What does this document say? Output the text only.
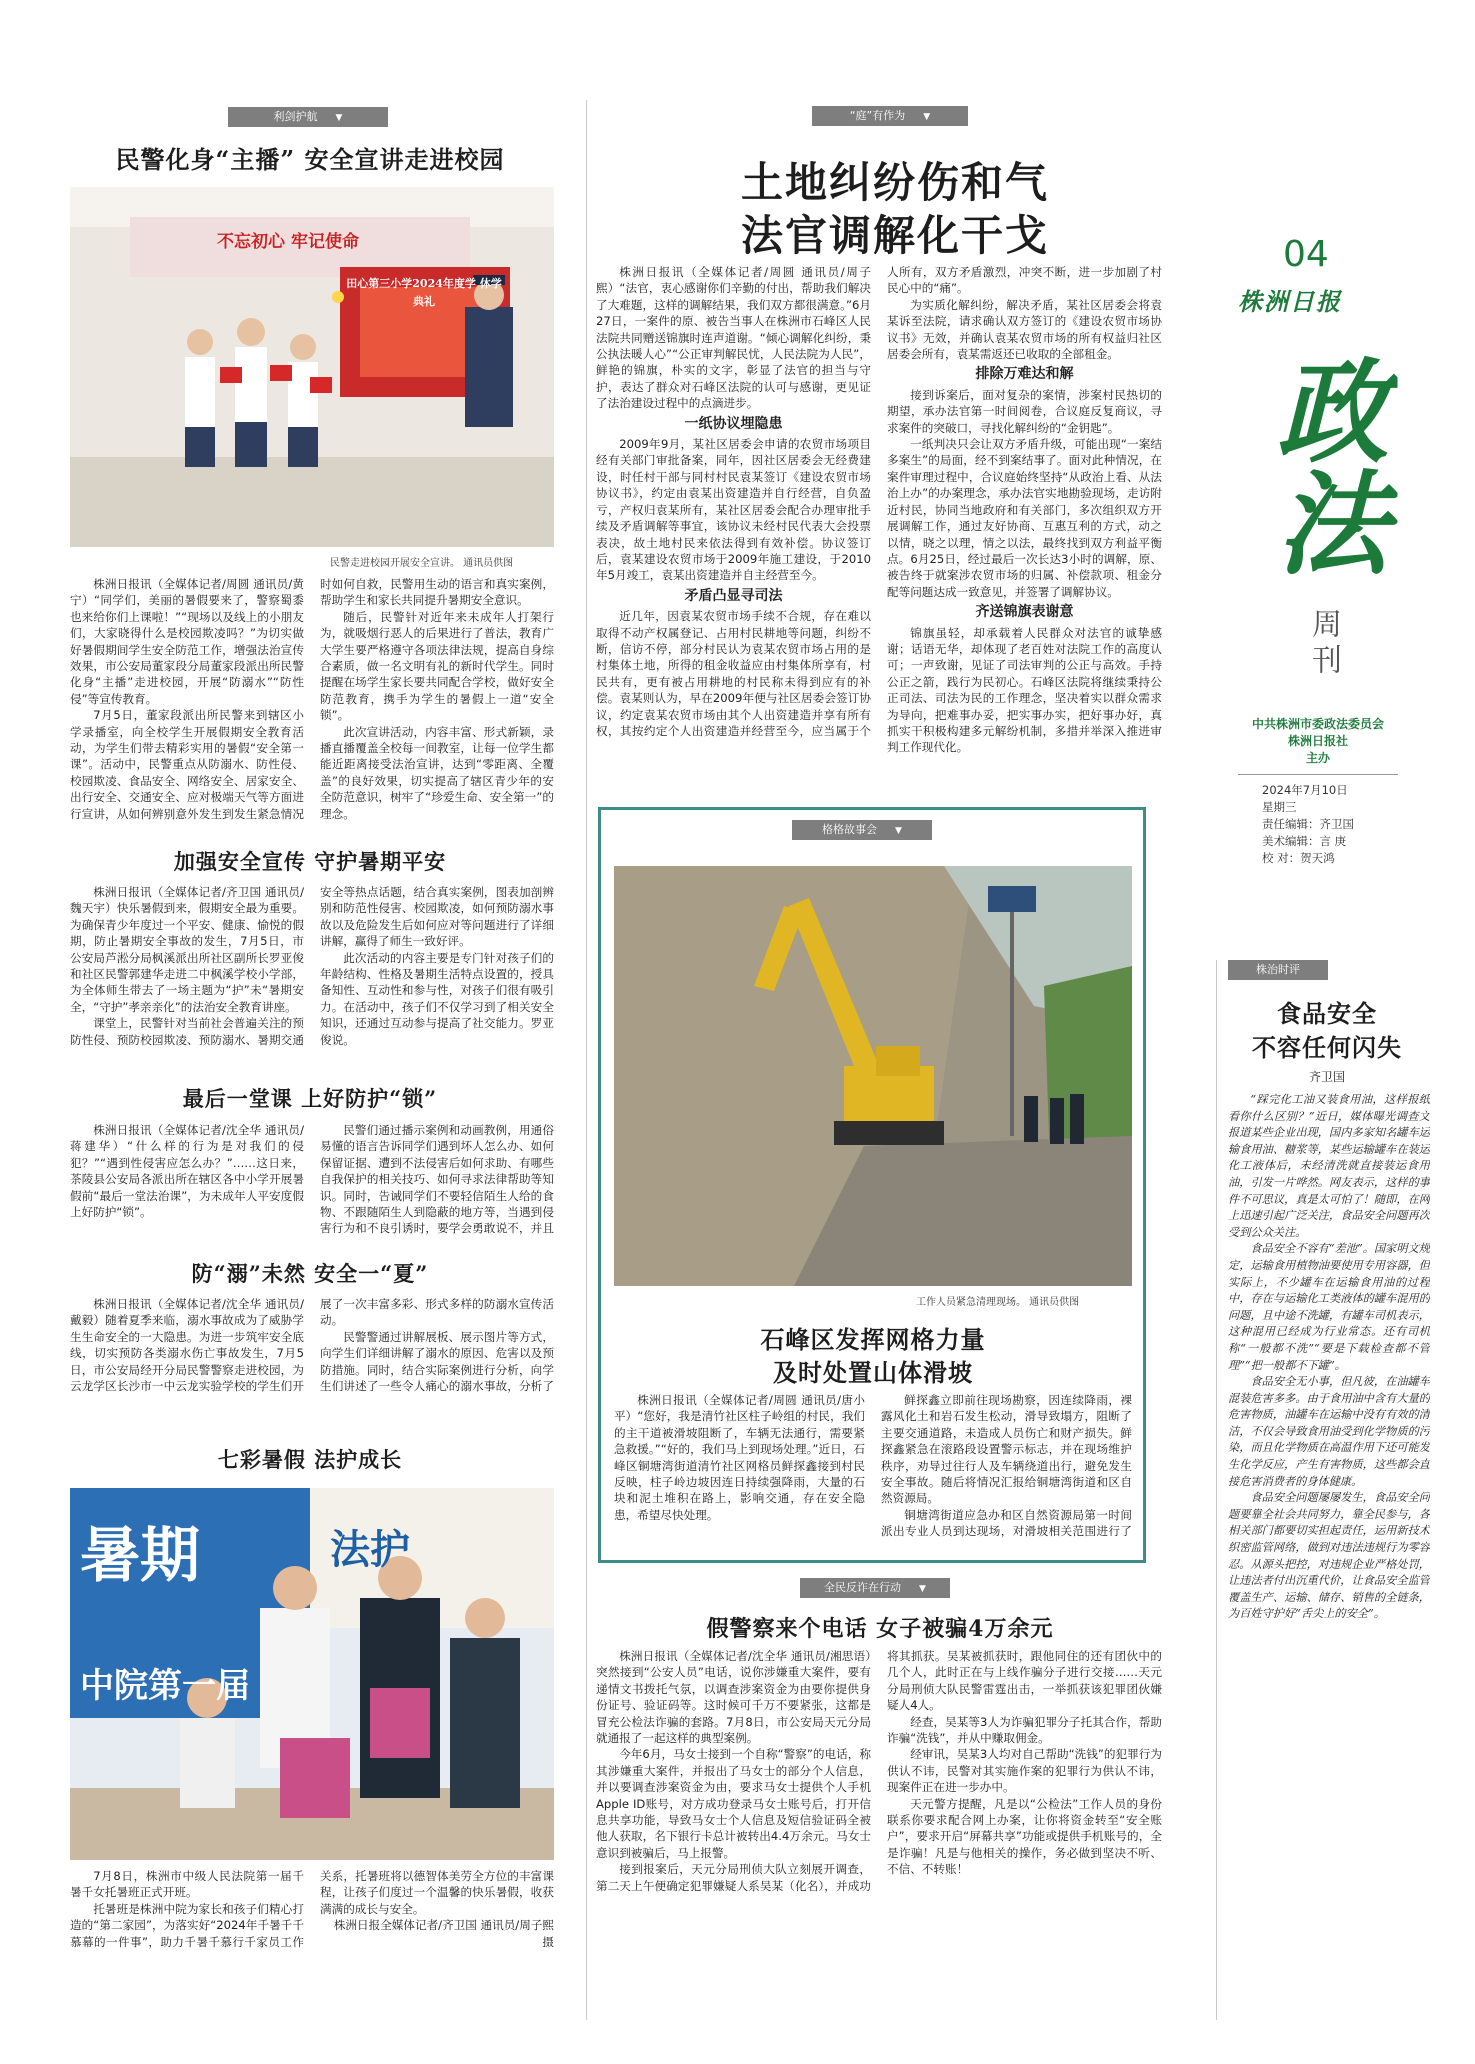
04
株洲日报
政法
周刊
中共株洲市委政法委员会
株洲日报社
主办
2024年7月10日
星期三
责任编辑：齐卫国
美术编辑：言 庚
校 对：贺天鸿
利剑护航 ▼
民警化身“主播” 安全宣讲走进校园
不忘初心 牢记使命
田心第三小学2024年度学 休学典礼
民警走进校园开展安全宣讲。 通讯员供图

株洲日报讯（全媒体记者/周圆 通讯员/黄宁）“同学们，美丽的暑假要来了，警察蜀黍也来给你们上课啦！”“现场以及线上的小朋友们，大家晓得什么是校园欺凌吗？”为切实做好暑假期间学生安全防范工作，增强法治宣传效果，市公安局董家段分局董家段派出所民警化身“主播”走进校园，开展“防溺水”“防性侵”等宣传教育。

7月5日，董家段派出所民警来到辖区小学录播室，向全校学生开展假期安全教育活动，为学生们带去精彩实用的暑假“安全第一课”。活动中，民警重点从防溺水、防性侵、校园欺凌、食品安全、网络安全、居家安全、出行安全、交通安全、应对极端天气等方面进行宣讲，从如何辨别意外发生到发生紧急情况时如何自救，民警用生动的语言和真实案例，帮助学生和家长共同提升暑期安全意识。

随后，民警针对近年来未成年人打架行为，就吸烟行恶人的后果进行了普法，教育广大学生要严格遵守各项法律法规，提高自身综合素质，做一名文明有礼的新时代学生。同时提醒在场学生家长要共同配合学校，做好安全防范教育，携手为学生的暑假上一道“安全锁”。

此次宣讲活动，内容丰富、形式新颖，录播直播覆盖全校每一间教室，让每一位学生都能近距离接受法治宣讲，达到“零距离、全覆盖”的良好效果，切实提高了辖区青少年的安全防范意识，树牢了“珍爱生命、安全第一”的理念。

加强安全宣传 守护暑期平安

株洲日报讯（全媒体记者/齐卫国 通讯员/魏天宇）快乐暑假到来，假期安全最为重要。为确保青少年度过一个平安、健康、愉悦的假期，防止暑期安全事故的发生，7月5日，市公安局芦淞分局枫溪派出所社区副所长罗亚俊和社区民警郭建华走进二中枫溪学校小学部，为全体师生带去了一场主题为“护”未“暑期安全，“守护”孝亲亲化”的法治安全教育讲座。

课堂上，民警针对当前社会普遍关注的预防性侵、预防校园欺凌、预防溺水、暑期交通安全等热点话题，结合真实案例，图表加剖辨别和防范性侵害、校园欺凌，如何预防溺水事故以及危险发生后如何应对等问题进行了详细讲解，赢得了师生一致好评。

此次活动的内容主要是专门针对孩子们的年龄结构、性格及暑期生活特点设置的，授具备知性、互动性和参与性，对孩子们很有吸引力。在活动中，孩子们不仅学习到了相关安全知识，还通过互动参与提高了社交能力。罗亚俊说。

最后一堂课 上好防护“锁”

株洲日报讯（全媒体记者/沈全华 通讯员/蒋建华）“什么样的行为是对我们的侵犯？”“遇到性侵害应怎么办？”……这日来，茶陵县公安局各派出所在辖区各中小学开展暑假前“最后一堂法治课”，为未成年人平安度假上好防护“锁”。

民警们通过播示案例和动画教例，用通俗易懂的语言告诉同学们遇到坏人怎么办、如何保留证据、遭到不法侵害后如何求助、有哪些自我保护的相关技巧、如何寻求法律帮助等知识。同时，告诫同学们不要轻信陌生人给的食物、不跟随陌生人到隐蔽的地方等，当遇到侵害行为和不良引诱时，要学会勇敢说不，并且

防“溺”未然 安全一“夏”

株洲日报讯（全媒体记者/沈全华 通讯员/戴毅）随着夏季来临，溺水事故成为了威胁学生生命安全的一大隐患。为进一步筑牢安全底线，切实预防各类溺水伤亡事故发生，7月5日，市公安局经开分局民警警察走进校园，为云龙学区长沙市一中云龙实验学校的学生们开展了一次丰富多彩、形式多样的防溺水宣传活动。

民警警通过讲解展板、展示图片等方式，向学生们详细讲解了溺水的原因、危害以及预防措施。同时，结合实际案例进行分析，向学生们讲述了一些令人痛心的溺水事故，分析了

七彩暑假 法护成长
暑期	法护
中院第一届

7月8日，株洲市中级人民法院第一届千暑千女托暑班正式开班。

托暑班是株洲中院为家长和孩子们精心打造的“第二家园”，为落实好“2024年千暑千千慕幕的一件事”，助力千暑千慕行千家员工作关系，托暑班将以德智体美劳全方位的丰富课程，让孩子们度过一个温馨的快乐暑假，收获满满的成长与安全。

株洲日报全媒体记者/齐卫国 通讯员/周子熙 摄

“庭”有作为 ▼
土地纠纷伤和气
法官调解化干戈

株洲日报讯（全媒体记者/周圆 通讯员/周子熙）“法官，衷心感谢你们辛勤的付出，帮助我们解决了大难题，这样的调解结果，我们双方都很满意。”6月27日，一案件的原、被告当事人在株洲市石峰区人民法院共同赠送锦旗时连声道谢。“倾心调解化纠纷，秉公执法暖人心”“公正审判解民忧，人民法院为人民”，鲜艳的锦旗，朴实的文字，彰显了法官的担当与守护，表达了群众对石峰区法院的认可与感谢，更见证了法治建设过程中的点滴进步。

一纸协议埋隐患

2009年9月，某社区居委会申请的农贸市场项目经有关部门审批备案，同年，因社区居委会无经费建设，时任村干部与同村村民袁某签订《建设农贸市场协议书》，约定由袁某出资建造并自行经营，自负盈亏，产权归袁某所有，某社区居委会配合办理审批手续及矛盾调解等事宜，该协议未经村民代表大会投票表决，故土地村民来依法得到有效补偿。协议签订后，袁某建设农贸市场于2009年施工建设，于2010年5月竣工，袁某出资建造并自主经营至今。

矛盾凸显寻司法

近几年，因袁某农贸市场手续不合规，存在难以取得不动产权属登记、占用村民耕地等问题，纠纷不断，信访不停，部分村民认为袁某农贸市场占用的是村集体土地，所得的租金收益应由村集体所享有，村民共有，更有被占用耕地的村民称未得到应有的补偿。袁某则认为，早在2009年便与社区居委会签订协议，约定袁某农贸市场由其个人出资建造并享有所有权，其按约定个人出资建造并经营至今，应当属于个人所有，双方矛盾激烈，冲突不断，进一步加剧了村民心中的“痛”。

为实质化解纠纷，解决矛盾，某社区居委会将袁某诉至法院，请求确认双方签订的《建设农贸市场协议书》无效，并确认袁某农贸市场的所有权益归社区居委会所有，袁某需返还已收取的全部租金。

排除万难达和解

接到诉案后，面对复杂的案情，涉案村民热切的期望，承办法官第一时间阅卷，合议庭反复商议，寻求案件的突破口，寻找化解纠纷的“金钥匙”。

一纸判决只会让双方矛盾升级，可能出现“一案结多案生”的局面，经不到案结事了。面对此种情况，在案件审理过程中，合议庭始终坚持“从政治上看、从法治上办”的办案理念，承办法官实地勘验现场，走访附近村民，协同当地政府和有关部门，多次组织双方开展调解工作，通过友好协商、互惠互利的方式，动之以情，晓之以理，情之以法，最终找到双方利益平衡点。6月25日，经过最后一次长达3小时的调解，原、被告终于就案涉农贸市场的归属、补偿款项、租金分配等问题达成一致意见，并签署了调解协议。

齐送锦旗表谢意

锦旗虽轻，却承载着人民群众对法官的诚挚感谢；话语无华，却体现了老百姓对法院工作的高度认可；一声致谢，见证了司法审判的公正与高效。手持公正之箭，践行为民初心。石峰区法院将继续秉持公正司法、司法为民的工作理念，坚决着实以群众需求为导向，把难事办妥，把实事办实，把好事办好，真抓实干积极构建多元解纷机制，多措并举深入推进审判工作现代化。

格格故事会 ▼
工作人员紧急清理现场。 通讯员供图
石峰区发挥网格力量
及时处置山体滑坡

株洲日报讯（全媒体记者/周圆 通讯员/唐小平）“您好，我是清竹社区柱子岭组的村民，我们的主干道被滑坡阻断了，车辆无法通行，需要紧急救援。”“好的，我们马上到现场处理。”近日，石峰区铜塘湾街道清竹社区网格员鲜探鑫接到村民反映，柱子岭边坡因连日持续强降雨，大量的石块和泥土堆积在路上，影响交通，存在安全隐患，希望尽快处理。

鲜探鑫立即前往现场勘察，因连续降雨，裸露风化土和岩石发生松动，滑导致塌方，阻断了主要交通道路，未造成人员伤亡和财产损失。鲜探鑫紧急在滚路段设置警示标志，并在现场维护秩序，劝导过往行人及车辆绕道出行，避免发生安全事故。随后将情况汇报给铜塘湾街道和区自然资源局。

铜塘湾街道应急办和区自然资源局第一时间派出专业人员到达现场，对滑坡相关范围进行了

全民反诈在行动 ▼
假警察来个电话 女子被骗4万余元

株洲日报讯（全媒体记者/沈全华 通讯员/湘思语）突然接到“公安人员”电话，说你涉嫌重大案件，要有递情文书拨托气氛，以调查涉案资金为由要你提供身份证号、验证码等。这时候可千万不要紧张，这都是冒充公检法诈骗的套路。7月8日，市公安局天元分局就通报了一起这样的典型案例。

今年6月，马女士接到一个自称“警察”的电话，称其涉嫌重大案件，并报出了马女士的部分个人信息，并以要调查涉案资金为由，要求马女士提供个人手机 Apple ID账号，对方成功登录马女士账号后，打开信息共享功能，导致马女士个人信息及短信验证码全被他人获取，名下银行卡总计被转出4.4万余元。马女士意识到被骗后，马上报警。

接到报案后，天元分局刑侦大队立刻展开调查，第二天上午便确定犯罪嫌疑人系吴某（化名），并成功将其抓获。吴某被抓获时，跟他同住的还有团伙中的几个人，此时正在与上线作骗分子进行交接……天元分局刑侦大队民警雷霆出击，一举抓获该犯罪团伙嫌疑人4人。

经查，吴某等3人为诈骗犯罪分子托其合作，帮助诈骗“洗钱”，并从中赚取佣金。

经审讯，吴某3人均对自己帮助“洗钱”的犯罪行为供认不讳，民警对其实施作案的犯罪行为供认不讳，现案件正在进一步办中。

天元警方提醒，凡是以“公检法”工作人员的身份联系你要求配合网上办案，让你将资金转至“安全账户”，要求开启“屏幕共享”功能或提供手机账号的，全是诈骗！凡是与他相关的操作，务必做到坚决不听、不信、不转账！

株治时评
食品安全
不容任何闪失
齐卫国

“踩完化工油又装食用油，这样报纸看你什么区别？”近日，媒体曝光调查文报道某些企业出现，国内多家知名罐车运输食用油、糖浆等，某些运输罐车在装运化工液体后，未经清洗就直接装运食用油，引发一片哗然。网友表示，这样的事件不可思议，真是太可怕了！随即，在网上迅速引起广泛关注，食品安全问题再次受到公众关注。

食品安全不容有“差池”。国家明文规定，运输食用植物油要使用专用容器，但实际上，不少罐车在运输食用油的过程中，存在与运输化工类液体的罐车混用的问题，且中途不洗罐，有罐车司机表示，这种混用已经成为行业常态。还有司机称“一般都不洗”“要是下载检查都不管理”“把一般都不下罐”。

食品安全无小事，但凡彼，在油罐车混装危害多多。由于食用油中含有大量的危害物质，油罐车在运输中没有有效的清洁，不仅会导致食用油受到化学物质的污染，而且化学物质在高温作用下还可能发生化学反应，产生有害物质，这些都会直接危害消费者的身体健康。

食品安全问题屡屡发生，食品安全问题要靠全社会共同努力，靠全民参与，各相关部门都要切实担起责任，运用新技术织密监管网络，做到对违法违规行为零容忍。从源头把控，对违规企业严格处罚，让违法者付出沉重代价，让食品安全监管覆盖生产、运输、储存、销售的全链条，为百姓守护好“舌尖上的安全”。
